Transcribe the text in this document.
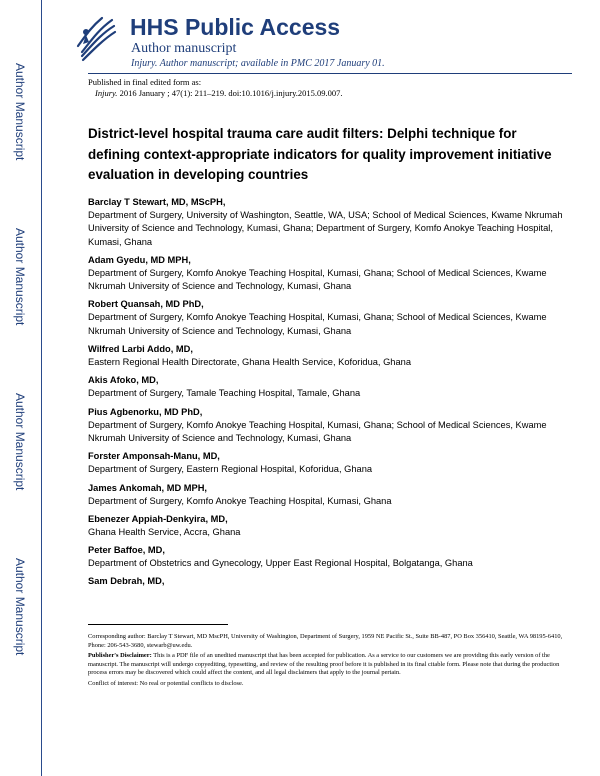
Author Manuscript
Author Manuscript
Author Manuscript
Author Manuscript
HHS Public Access
Author manuscript
Injury. Author manuscript; available in PMC 2017 January 01.
Published in final edited form as:
Injury. 2016 January ; 47(1): 211–219. doi:10.1016/j.injury.2015.09.007.
District-level hospital trauma care audit filters: Delphi technique for defining context-appropriate indicators for quality improvement initiative evaluation in developing countries
Barclay T Stewart, MD, MScPH,
Department of Surgery, University of Washington, Seattle, WA, USA; School of Medical Sciences, Kwame Nkrumah University of Science and Technology, Kumasi, Ghana; Department of Surgery, Komfo Anokye Teaching Hospital, Kumasi, Ghana
Adam Gyedu, MD MPH,
Department of Surgery, Komfo Anokye Teaching Hospital, Kumasi, Ghana; School of Medical Sciences, Kwame Nkrumah University of Science and Technology, Kumasi, Ghana
Robert Quansah, MD PhD,
Department of Surgery, Komfo Anokye Teaching Hospital, Kumasi, Ghana; School of Medical Sciences, Kwame Nkrumah University of Science and Technology, Kumasi, Ghana
Wilfred Larbi Addo, MD,
Eastern Regional Health Directorate, Ghana Health Service, Koforidua, Ghana
Akis Afoko, MD,
Department of Surgery, Tamale Teaching Hospital, Tamale, Ghana
Pius Agbenorku, MD PhD,
Department of Surgery, Komfo Anokye Teaching Hospital, Kumasi, Ghana; School of Medical Sciences, Kwame Nkrumah University of Science and Technology, Kumasi, Ghana
Forster Amponsah-Manu, MD,
Department of Surgery, Eastern Regional Hospital, Koforidua, Ghana
James Ankomah, MD MPH,
Department of Surgery, Komfo Anokye Teaching Hospital, Kumasi, Ghana
Ebenezer Appiah-Denkyira, MD,
Ghana Health Service, Accra, Ghana
Peter Baffoe, MD,
Department of Obstetrics and Gynecology, Upper East Regional Hospital, Bolgatanga, Ghana
Sam Debrah, MD,

Corresponding author: Barclay T Stewart, MD MscPH, University of Washington, Department of Surgery, 1959 NE Pacific St., Suite BB-487, PO Box 356410, Seattle, WA 98195-6410, Phone: 206-543-3680, stewarb@uw.edu.

Publisher's Disclaimer: This is a PDF file of an unedited manuscript that has been accepted for publication. As a service to our customers we are providing this early version of the manuscript. The manuscript will undergo copyediting, typesetting, and review of the resulting proof before it is published in its final citable form. Please note that during the production process errors may be discovered which could affect the content, and all legal disclaimers that apply to the journal pertain.

Conflict of interest: No real or potential conflicts to disclose.
